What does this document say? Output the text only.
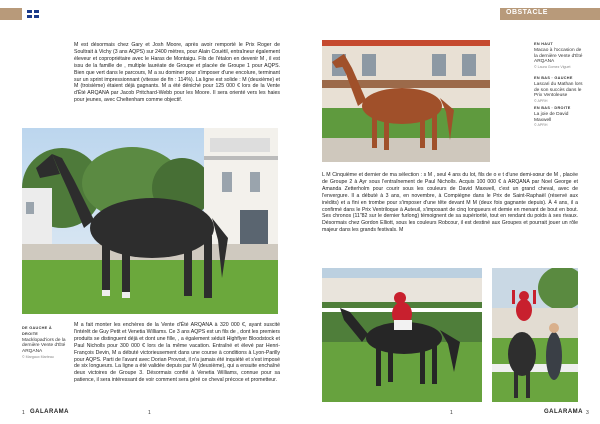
M est désormais chez Gary et Josh Moore, après avoir remporté le Prix Roger de Soultrait à Vichy (3 ans AQPS) sur 2400 mètres, pour Alain Couétil, entraîneur également éleveur et copropriétaire avec le Haras de Montaigu. Fils de l'étalon en devenir M , il est issu de la famille de , multiple lauréate de Groupe et placée de Groupe 1 pour AQPS. Bien que vert dans le parcours, M a su dominer pour s'imposer d'une encolure, terminant sur un sprint impressionnant (vitesse de fin : 114%). La ligne est solide : M (deuxième) et M (troisième) étaient déjà gagnants. M a été déniché pour 125 000 € lors de la Vente d'Été ARQANA par Jacob Pritchard-Webb pour les Moore. Il sera orienté vers les haies pour jeunes, avec Cheltenham comme objectif.
DE GAUCHE À DROITE
Macklopad'iors de la dernière Vente d'Été ARQANA
© Margaux Marteau
M a fait monter les enchères de la Vente d'Été ARQANA à 320 000 €, ayant suscité l'intérêt de Guy Petit et Venetia Williams. Ce 3 ans AQPS est un fils de , dont les premiers produits se distinguent déjà et dont une fille, , a également séduit Highflyer Bloodstock et Paul Nicholls pour 300 000 € lors de la même vacation. Entraîné et élevé par Henri-François Devin, M a débuté victorieusement dans une course à conditions à Lyon-Parilly pour AQPS. Parti de l'avant avec Dorian Provost, il n'a jamais été inquiété et s'est imposé de six longueurs. La ligne a été validée depuis par M (deuxième), qui a ensuite enchaîné deux victoires de Groupe 3. Désormais confié à Venetia Williams, connue pour sa patience, il sera intéressant de voir comment sera géré ce cheval précoce et prometteur.
1 GALARAMA	1
OBSTACLE
EN HAUT
Macao à l'occasion de la dernière Vente d'Été ARQANA
© Laura Gomez Viguet
EN BAS · GAUCHE
Lascari du Mathan lors de son succès dans le Prix Ventoleuse
© APRH
EN BAS · DROITE
La joie de David Maxwell
© APRH
L M Cinquième et dernier de ma sélection : s M , seul 4 ans du lot, fils de o e t d'une demi-sœur de M , placée de Groupe 2 à Ayr sous l'entraînement de Paul Nicholls. Acquis 100 000 € à ARQANA par Noel George et Amanda Zetterholm pour courir sous les couleurs de David Maxwell, c'est un grand cheval, avec de l'envergure. Il a débuté à 3 ans, en novembre, à Compiègne dans le Prix de Saint-Raphaël (réservé aux inédits) et a fini en trombe pour s'imposer d'une tête devant M M (deux fois gagnante depuis). À 4 ans, il a confirmé dans le Prix Ventriloque à Auteuil, s'imposant de cinq longueurs et demie en menant de bout en bout. Ses chronos (11"82 sur le dernier furlong) témoignent de sa supériorité, tout en rendant du poids à ses rivaux. Désormais chez Gordon Elliott, sous les couleurs Robcour, il est destiné aux Groupes et pourrait jouer un rôle majeur dans les grands festivals. M
GALARAMA
1	3
